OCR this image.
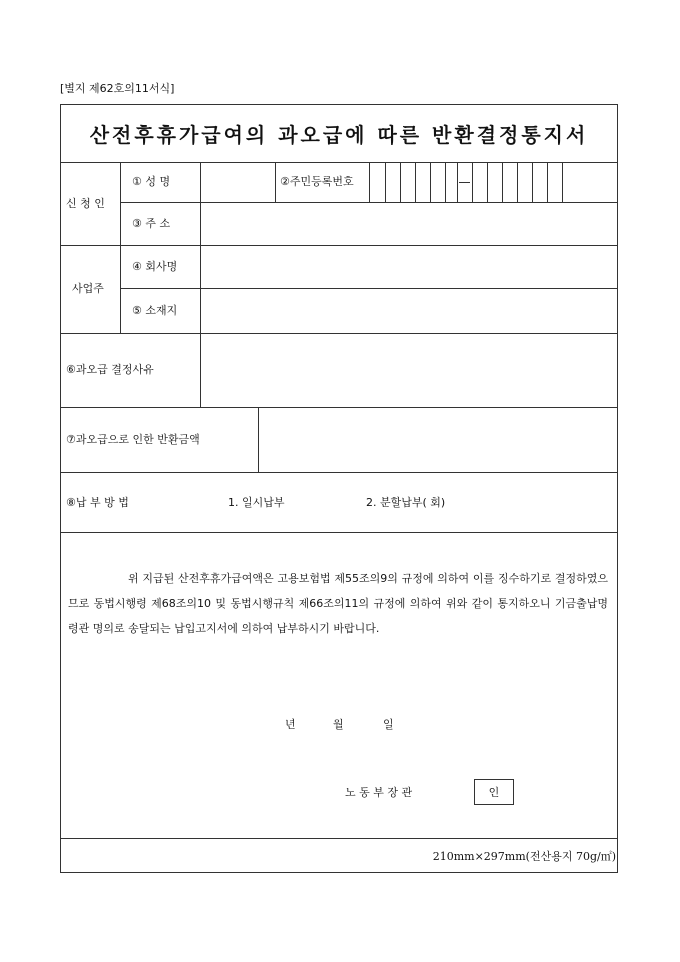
[별지 제62호의11서식]
산전후휴가급여의 과오급에 따른 반환결정통지서
신 청 인
① 성 명	②주민등록번호
③ 주 소
사업주
④ 회사명
⑤ 소재지
⑥과오급 결정사유
⑦과오급으로 인한 반환금액
⑧납 부 방 법	1. 일시납부	2. 분할납부( 회)
위 지급된 산전후휴가급여액은 고용보험법 제55조의9의 규정에 의하여 이를 징수하기로 결정하였으므로 동법시행령 제68조의10 및 동법시행규칙 제66조의11의 규정에 의하여 위와 같이 통지하오니 기금출납명령관 명의로 송달되는 납입고지서에 의하여 납부하시기 바랍니다.
년	월	일
노 동 부 장 관	인
210mm×297mm(전산용지 70g/㎡)
